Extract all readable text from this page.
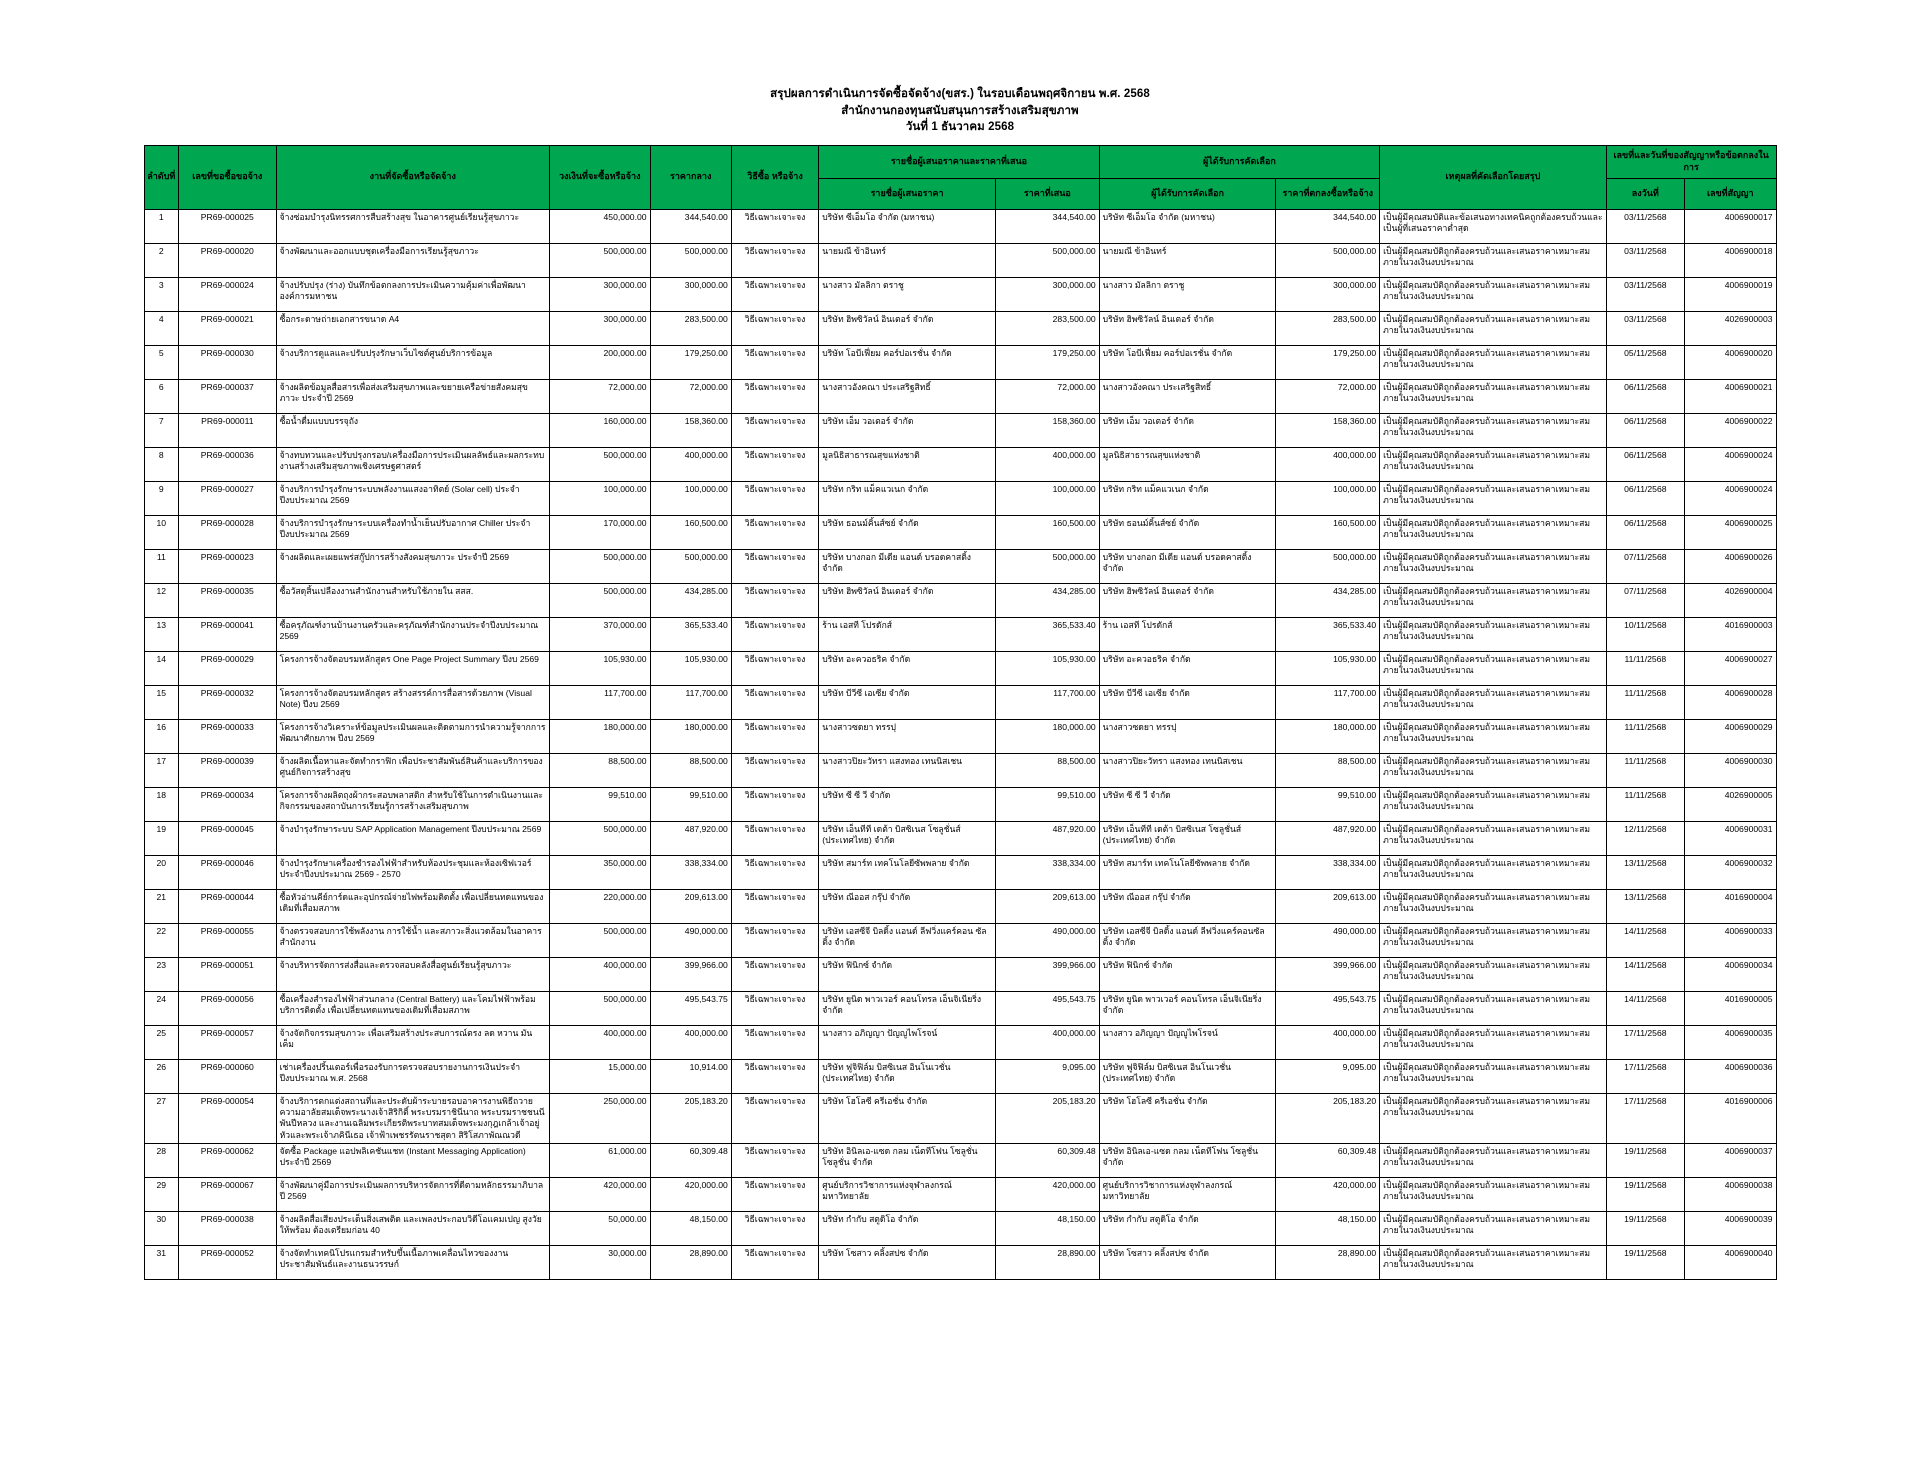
สรุปผลการดำเนินการจัดซื้อจัดจ้าง(ขสร.) ในรอบเดือนพฤศจิกายน พ.ศ. 2568
สำนักงานกองทุนสนับสนุนการสร้างเสริมสุขภาพ
วันที่ 1 ธันวาคม 2568
ลำดับที่	เลขที่ขอซื้อขอจ้าง	งานที่จัดซื้อหรือจัดจ้าง	วงเงินที่จะซื้อหรือจ้าง	ราคากลาง	วิธีซื้อ หรือจ้าง	รายชื่อผู้เสนอราคาและราคาที่เสนอ		ผู้ได้รับการคัดเลือก		เหตุผลที่คัดเลือกโดยสรุป	เลขที่และวันที่ของสัญญาหรือข้อตกลงในการ	
						รายชื่อผู้เสนอราคา	ราคาที่เสนอ	ผู้ได้รับการคัดเลือก	ราคาที่ตกลงซื้อหรือจ้าง		ลงวันที่	เลขที่สัญญา
1	PR69-000025	จ้างซ่อมบำรุงนิทรรศการสืบสร้างสุข ในอาคารศูนย์เรียนรู้สุขภาวะ	450,000.00	344,540.00	วิธีเฉพาะเจาะจง	บริษัท ซีเอ็มโอ จำกัด (มหาชน)	344,540.00	บริษัท ซีเอ็มโอ จำกัด (มหาชน)	344,540.00	เป็นผู้มีคุณสมบัติและข้อเสนอทางเทคนิคถูกต้องครบถ้วนและเป็นผู้ที่เสนอราคาต่ำสุด	03/11/2568	4006900017
2	PR69-000020	จ้างพัฒนาและออกแบบชุดเครื่องมือการเรียนรู้สุขภาวะ	500,000.00	500,000.00	วิธีเฉพาะเจาะจง	นายมณี ข้าอินทร์	500,000.00	นายมณี ข้าอินทร์	500,000.00	เป็นผู้มีคุณสมบัติถูกต้องครบถ้วนและเสนอราคาเหมาะสมภายในวงเงินงบประมาณ	03/11/2568	4006900018
3	PR69-000024	จ้างปรับปรุง (ร่าง) บันทึกข้อตกลงการประเมินความคุ้มค่าเพื่อพัฒนาองค์การมหาชน	300,000.00	300,000.00	วิธีเฉพาะเจาะจง	นางสาว มัลลิกา ตราชู	300,000.00	นางสาว มัลลิกา ตราชู	300,000.00	เป็นผู้มีคุณสมบัติถูกต้องครบถ้วนและเสนอราคาเหมาะสมภายในวงเงินงบประมาณ	03/11/2568	4006900019
4	PR69-000021	ซื้อกระดาษถ่ายเอกสารขนาด A4	300,000.00	283,500.00	วิธีเฉพาะเจาะจง	บริษัท ฮิพซิวัลน์ อินเตอร์ จำกัด	283,500.00	บริษัท ฮิพซิวัลน์ อินเตอร์ จำกัด	283,500.00	เป็นผู้มีคุณสมบัติถูกต้องครบถ้วนและเสนอราคาเหมาะสมภายในวงเงินงบประมาณ	03/11/2568	4026900003
5	PR69-000030	จ้างบริการดูแลและปรับปรุงรักษาเว็บไซต์ศูนย์บริการข้อมูล	200,000.00	179,250.00	วิธีเฉพาะเจาะจง	บริษัท โอบีเฟี่ยม คอร์ปอเรชั่น จำกัด	179,250.00	บริษัท โอบีเฟี่ยม คอร์ปอเรชั่น จำกัด	179,250.00	เป็นผู้มีคุณสมบัติถูกต้องครบถ้วนและเสนอราคาเหมาะสมภายในวงเงินงบประมาณ	05/11/2568	4006900020
6	PR69-000037	จ้างผลิตข้อมูลสื่อสารเพื่อส่งเสริมสุขภาพและขยายเครือข่ายสังคมสุขภาวะ ประจำปี 2569	72,000.00	72,000.00	วิธีเฉพาะเจาะจง	นางสาวอังคณา ประเสริฐสิทธิ์	72,000.00	นางสาวอังคณา ประเสริฐสิทธิ์	72,000.00	เป็นผู้มีคุณสมบัติถูกต้องครบถ้วนและเสนอราคาเหมาะสมภายในวงเงินงบประมาณ	06/11/2568	4006900021
7	PR69-000011	ซื้อน้ำดื่มแบบบรรจุถัง	160,000.00	158,360.00	วิธีเฉพาะเจาะจง	บริษัท เอ็ม วอเตอร์ จำกัด	158,360.00	บริษัท เอ็ม วอเตอร์ จำกัด	158,360.00	เป็นผู้มีคุณสมบัติถูกต้องครบถ้วนและเสนอราคาเหมาะสมภายในวงเงินงบประมาณ	06/11/2568	4006900022
8	PR69-000036	จ้างทบทวนและปรับปรุงกรอบ/เครื่องมือการประเมินผลลัพธ์และผลกระทบงานสร้างเสริมสุขภาพเชิงเศรษฐศาสตร์	500,000.00	400,000.00	วิธีเฉพาะเจาะจง	มูลนิธิสาธารณสุขแห่งชาติ	400,000.00	มูลนิธิสาธารณสุขแห่งชาติ	400,000.00	เป็นผู้มีคุณสมบัติถูกต้องครบถ้วนและเสนอราคาเหมาะสมภายในวงเงินงบประมาณ	06/11/2568	4006900024
9	PR69-000027	จ้างบริการบำรุงรักษาระบบพลังงานแสงอาทิตย์ (Solar cell) ประจำปีงบประมาณ 2569	100,000.00	100,000.00	วิธีเฉพาะเจาะจง	บริษัท กริท แม็คแวเนก จำกัด	100,000.00	บริษัท กริท แม็คแวเนก จำกัด	100,000.00	เป็นผู้มีคุณสมบัติถูกต้องครบถ้วนและเสนอราคาเหมาะสมภายในวงเงินงบประมาณ	06/11/2568	4006900024
10	PR69-000028	จ้างบริการบำรุงรักษาระบบเครื่องทำน้ำเย็นปรับอากาศ Chiller ประจำปีงบประมาณ 2569	170,000.00	160,500.00	วิธีเฉพาะเจาะจง	บริษัท ธอนม์คิ้นส์ซย์ จำกัด	160,500.00	บริษัท ธอนม์คิ้นส์ซย์ จำกัด	160,500.00	เป็นผู้มีคุณสมบัติถูกต้องครบถ้วนและเสนอราคาเหมาะสมภายในวงเงินงบประมาณ	06/11/2568	4006900025
11	PR69-000023	จ้างผลิตและเผยแพร่สกู๊ปการสร้างสังคมสุขภาวะ ประจำปี 2569	500,000.00	500,000.00	วิธีเฉพาะเจาะจง	บริษัท บางกอก มีเดีย แอนด์ บรอดคาสติ้ง จำกัด	500,000.00	บริษัท บางกอก มีเดีย แอนด์ บรอดคาสติ้ง จำกัด	500,000.00	เป็นผู้มีคุณสมบัติถูกต้องครบถ้วนและเสนอราคาเหมาะสมภายในวงเงินงบประมาณ	07/11/2568	4006900026
12	PR69-000035	ซื้อวัสดุสิ้นเปลืองงานสำนักงานสำหรับใช้ภายใน สสส.	500,000.00	434,285.00	วิธีเฉพาะเจาะจง	บริษัท ฮิพซิวัลน์ อินเตอร์ จำกัด	434,285.00	บริษัท ฮิพซิวัลน์ อินเตอร์ จำกัด	434,285.00	เป็นผู้มีคุณสมบัติถูกต้องครบถ้วนและเสนอราคาเหมาะสมภายในวงเงินงบประมาณ	07/11/2568	4026900004
13	PR69-000041	ซื้อครุภัณฑ์งานบ้านงานครัวและครุภัณฑ์สำนักงานประจำปีงบประมาณ 2569	370,000.00	365,533.40	วิธีเฉพาะเจาะจง	ร้าน เอสที โปรดักส์	365,533.40	ร้าน เอสที โปรดักส์	365,533.40	เป็นผู้มีคุณสมบัติถูกต้องครบถ้วนและเสนอราคาเหมาะสมภายในวงเงินงบประมาณ	10/11/2568	4016900003
14	PR69-000029	โครงการจ้างจัดอบรมหลักสูตร One Page Project Summary ปีงบ 2569	105,930.00	105,930.00	วิธีเฉพาะเจาะจง	บริษัท อะควอธริค จำกัด	105,930.00	บริษัท อะควอธริค จำกัด	105,930.00	เป็นผู้มีคุณสมบัติถูกต้องครบถ้วนและเสนอราคาเหมาะสมภายในวงเงินงบประมาณ	11/11/2568	4006900027
15	PR69-000032	โครงการจ้างจัดอบรมหลักสูตร สร้างสรรค์การสื่อสารด้วยภาพ (Visual Note) ปีงบ 2569	117,700.00	117,700.00	วิธีเฉพาะเจาะจง	บริษัท บีวีซี เอเซีย จำกัด	117,700.00	บริษัท บีวีซี เอเซีย จำกัด	117,700.00	เป็นผู้มีคุณสมบัติถูกต้องครบถ้วนและเสนอราคาเหมาะสมภายในวงเงินงบประมาณ	11/11/2568	4006900028
16	PR69-000033	โครงการจ้างวิเคราะห์ข้อมูลประเมินผลและติดตามการนำความรู้จากการพัฒนาศักยภาพ ปีงบ 2569	180,000.00	180,000.00	วิธีเฉพาะเจาะจง	นางสาวซดยา ทรรปุ	180,000.00	นางสาวซดยา ทรรปุ	180,000.00	เป็นผู้มีคุณสมบัติถูกต้องครบถ้วนและเสนอราคาเหมาะสมภายในวงเงินงบประมาณ	11/11/2568	4006900029
17	PR69-000039	จ้างผลิตเนื้อหาและจัดทำกราฟิก เพื่อประชาสัมพันธ์สินค้าและบริการของศูนย์กิจการสร้างสุข	88,500.00	88,500.00	วิธีเฉพาะเจาะจง	นางสาวปิยะวัทรา แสงทอง เทนนิสเชน	88,500.00	นางสาวปิยะวัทรา แสงทอง เทนนิสเชน	88,500.00	เป็นผู้มีคุณสมบัติถูกต้องครบถ้วนและเสนอราคาเหมาะสมภายในวงเงินงบประมาณ	11/11/2568	4006900030
18	PR69-000034	โครงการจ้างผลิตถุงผ้ากระสอบพลาสติก สำหรับใช้ในการดำเนินงานและกิจกรรมของสถาบันการเรียนรู้การสร้างเสริมสุขภาพ	99,510.00	99,510.00	วิธีเฉพาะเจาะจง	บริษัท ซี ซี วี จำกัด	99,510.00	บริษัท ซี ซี วี จำกัด	99,510.00	เป็นผู้มีคุณสมบัติถูกต้องครบถ้วนและเสนอราคาเหมาะสมภายในวงเงินงบประมาณ	11/11/2568	4026900005
19	PR69-000045	จ้างบำรุงรักษาระบบ SAP Application Management ปีงบประมาณ 2569	500,000.00	487,920.00	วิธีเฉพาะเจาะจง	บริษัท เอ็นทีที เดต้า บิสซิเนส โซลูชั่นส์ (ประเทศไทย) จำกัด	487,920.00	บริษัท เอ็นทีที เดต้า บิสซิเนส โซลูชั่นส์ (ประเทศไทย) จำกัด	487,920.00	เป็นผู้มีคุณสมบัติถูกต้องครบถ้วนและเสนอราคาเหมาะสมภายในวงเงินงบประมาณ	12/11/2568	4006900031
20	PR69-000046	จ้างบำรุงรักษาเครื่องชำรองไฟฟ้าสำหรับห้องประชุมและห้องเซิฟเวอร์ ประจำปีงบประมาณ 2569 - 2570	350,000.00	338,334.00	วิธีเฉพาะเจาะจง	บริษัท สมาร์ท เทคโนโลยีซัพพลาย จำกัด	338,334.00	บริษัท สมาร์ท เทคโนโลยีซัพพลาย จำกัด	338,334.00	เป็นผู้มีคุณสมบัติถูกต้องครบถ้วนและเสนอราคาเหมาะสมภายในวงเงินงบประมาณ	13/11/2568	4006900032
21	PR69-000044	ซื้อหัวอ่านคีย์การ์ดและอุปกรณ์จ่ายไฟพร้อมติดตั้ง เพื่อเปลี่ยนทดแทนของเดิมที่เสื่อมสภาพ	220,000.00	209,613.00	วิธีเฉพาะเจาะจง	บริษัท ณีออส กรุ๊ป จำกัด	209,613.00	บริษัท ณีออส กรุ๊ป จำกัด	209,613.00	เป็นผู้มีคุณสมบัติถูกต้องครบถ้วนและเสนอราคาเหมาะสมภายในวงเงินงบประมาณ	13/11/2568	4016900004
22	PR69-000055	จ้างตรวจสอบการใช้พลังงาน การใช้น้ำ และสภาวะสิ่งแวดล้อมในอาคารสำนักงาน	500,000.00	490,000.00	วิธีเฉพาะเจาะจง	บริษัท เอสซีจี บิลดิ้ง แอนด์ ลีฟวิ่งแคร์คอน ซัลติ้ง จำกัด	490,000.00	บริษัท เอสซีจี บิลดิ้ง แอนด์ ลีฟวิ่งแคร์คอนซัลติ้ง จำกัด	490,000.00	เป็นผู้มีคุณสมบัติถูกต้องครบถ้วนและเสนอราคาเหมาะสมภายในวงเงินงบประมาณ	14/11/2568	4006900033
23	PR69-000051	จ้างบริหารจัดการส่งสื่อและตรวจสอบคลังสื่อศูนย์เรียนรู้สุขภาวะ	400,000.00	399,966.00	วิธีเฉพาะเจาะจง	บริษัท ฟินิกซ์ จำกัด	399,966.00	บริษัท ฟินิกซ์ จำกัด	399,966.00	เป็นผู้มีคุณสมบัติถูกต้องครบถ้วนและเสนอราคาเหมาะสมภายในวงเงินงบประมาณ	14/11/2568	4006900034
24	PR69-000056	ซื้อเครื่องสำรองไฟฟ้าส่วนกลาง (Central Battery) และโคมไฟฟ้าพร้อมบริการติดตั้ง เพื่อเปลี่ยนทดแทนของเดิมที่เสื่อมสภาพ	500,000.00	495,543.75	วิธีเฉพาะเจาะจง	บริษัท ยูนิด พาวเวอร์ คอนโทรล เอ็นจิเนียริ่ง จำกัด	495,543.75	บริษัท ยูนิด พาวเวอร์ คอนโทรล เอ็นจิเนียริ่ง จำกัด	495,543.75	เป็นผู้มีคุณสมบัติถูกต้องครบถ้วนและเสนอราคาเหมาะสมภายในวงเงินงบประมาณ	14/11/2568	4016900005
25	PR69-000057	จ้างจัดกิจกรรมสุขภาวะ เพื่อเสริมสร้างประสบการณ์ตรง ลด หวาน มัน เค็ม	400,000.00	400,000.00	วิธีเฉพาะเจาะจง	นางสาว อภิญญา ปัญญูไพโรจน์	400,000.00	นางสาว อภิญญา ปัญญูไพโรจน์	400,000.00	เป็นผู้มีคุณสมบัติถูกต้องครบถ้วนและเสนอราคาเหมาะสมภายในวงเงินงบประมาณ	17/11/2568	4006900035
26	PR69-000060	เช่าเครื่องปริ้นเตอร์เพื่อรองรับการตรวจสอบรายงานการเงินประจำปีงบประมาณ พ.ศ. 2568	15,000.00	10,914.00	วิธีเฉพาะเจาะจง	บริษัท ฟูจิฟิล์ม บิสซิเนส อินโนเวชั่น (ประเทศไทย) จำกัด	9,095.00	บริษัท ฟูจิฟิล์ม บิสซิเนส อินโนเวชั่น (ประเทศไทย) จำกัด	9,095.00	เป็นผู้มีคุณสมบัติถูกต้องครบถ้วนและเสนอราคาเหมาะสมภายในวงเงินงบประมาณ	17/11/2568	4006900036
27	PR69-000054	จ้างบริการตกแต่งสถานที่และประดับผ้าระบายรอบอาคารงานพิธีถวายความอาลัยสมเด็จพระนางเจ้าสิริกิติ์ พระบรมราชินีนาถ พระบรมราชชนนีพันปีหลวง และงานเฉลิมพระเกียรติพระบาทสมเด็จพระมงกุฎเกล้าเจ้าอยู่หัวและพระเจ้าภคินีเธอ เจ้าฟ้าเพชรรัตนราชสุดา สิริโสภาพัณณวดี	250,000.00	205,183.20	วิธีเฉพาะเจาะจง	บริษัท โฮโลซี ครีเอชั่น จำกัด	205,183.20	บริษัท โฮโลซี ครีเอชั่น จำกัด	205,183.20	เป็นผู้มีคุณสมบัติถูกต้องครบถ้วนและเสนอราคาเหมาะสมภายในวงเงินงบประมาณ	17/11/2568	4016900006
28	PR69-000062	จัดซื้อ Package แอปพลิเคชันแชท (Instant Messaging Application) ประจำปี 2569	61,000.00	60,309.48	วิธีเฉพาะเจาะจง	บริษัท อินิลเอ-แซด กลม เน็ตทีโฟน โซลูชั่น โซลูชั่น จำกัด	60,309.48	บริษัท อินิลเอ-แซด กลม เน็ตทีโฟน โซลูชั่น จำกัด	60,309.48	เป็นผู้มีคุณสมบัติถูกต้องครบถ้วนและเสนอราคาเหมาะสมภายในวงเงินงบประมาณ	19/11/2568	4006900037
29	PR69-000067	จ้างพัฒนาคู่มือการประเมินผลการบริหารจัดการที่ดีตามหลักธรรมาภิบาล ปี 2569	420,000.00	420,000.00	วิธีเฉพาะเจาะจง	ศูนย์บริการวิชาการแห่งจุฬาลงกรณ์มหาวิทยาลัย	420,000.00	ศูนย์บริการวิชาการแห่งจุฬาลงกรณ์มหาวิทยาลัย	420,000.00	เป็นผู้มีคุณสมบัติถูกต้องครบถ้วนและเสนอราคาเหมาะสมภายในวงเงินงบประมาณ	19/11/2568	4006900038
30	PR69-000038	จ้างผลิตสื่อเสียงประเด็นสิ่งเสพติด และเพลงประกอบวิดีโอแคมเปญ สูงวัยให้พร้อม ต้องเตรียมก่อน 40	50,000.00	48,150.00	วิธีเฉพาะเจาะจง	บริษัท กำกับ สตูดิโอ จำกัด	48,150.00	บริษัท กำกับ สตูดิโอ จำกัด	48,150.00	เป็นผู้มีคุณสมบัติถูกต้องครบถ้วนและเสนอราคาเหมาะสมภายในวงเงินงบประมาณ	19/11/2568	4006900039
31	PR69-000052	จ้างจัดทำเทคนิโปรแกรมสำหรับขึ้นเนื้อภาพเคลื่อนไหวของงานประชาสัมพันธ์และงานธนวรรษก์	30,000.00	28,890.00	วิธีเฉพาะเจาะจง	บริษัท โซสาว คลิ้งสปซ จำกัด	28,890.00	บริษัท โซสาว คลิ้งสปซ จำกัด	28,890.00	เป็นผู้มีคุณสมบัติถูกต้องครบถ้วนและเสนอราคาเหมาะสมภายในวงเงินงบประมาณ	19/11/2568	4006900040
